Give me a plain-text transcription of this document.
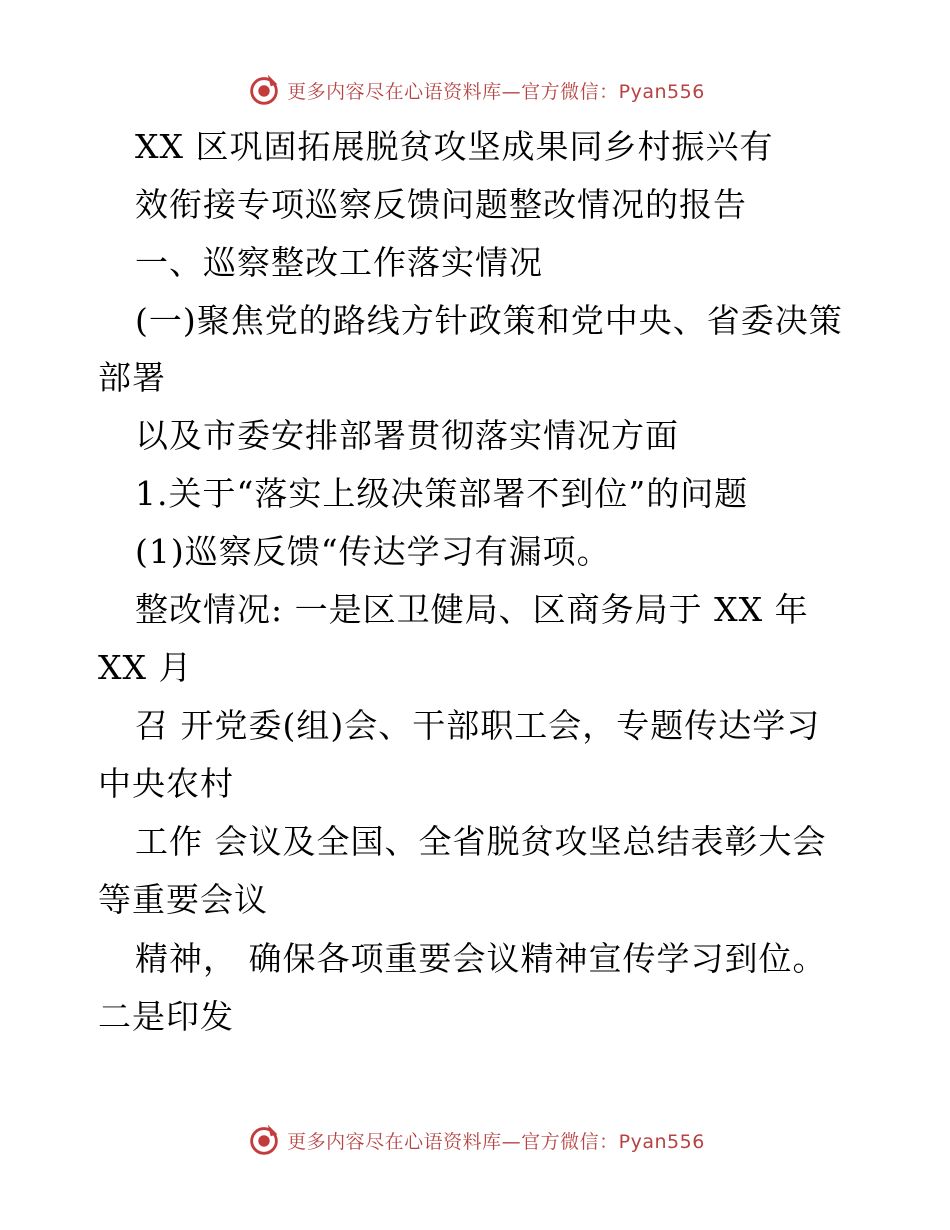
更多内容尽在心语资料库—官方微信：Pyan556
XX 区巩固拓展脱贫攻坚成果同乡村振兴有
效衔接专项巡察反馈问题整改情况的报告
一、巡察整改工作落实情况
(一)聚焦党的路线方针政策和党中央、省委决策
部署
以及市委安排部署贯彻落实情况方面
1.关于“落实上级决策部署不到位”的问题
(1)巡察反馈“传达学习有漏项。
整改情况: 一是区卫健局、区商务局于 XX 年
XX 月
召 开党委(组)会、干部职工会，专题传达学习
中央农村
工作 会议及全国、全省脱贫攻坚总结表彰大会
等重要会议
精神， 确保各项重要会议精神宣传学习到位。
二是印发
更多内容尽在心语资料库—官方微信：Pyan556
